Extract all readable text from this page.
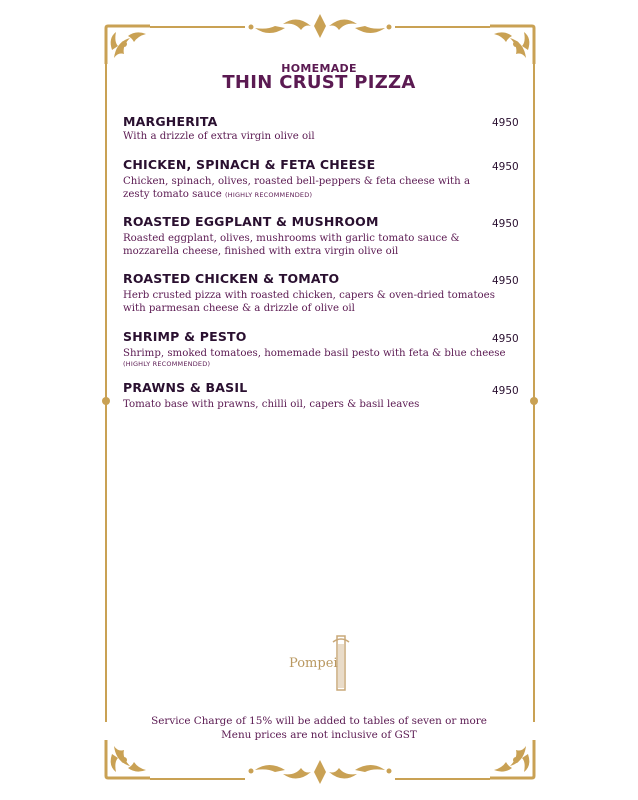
HOMEMADE
THIN CRUST PIZZA
MARGHERITA
With a drizzle of extra virgin olive oil
4950
CHICKEN, SPINACH & FETA CHEESE
Chicken, spinach, olives, roasted bell-peppers & feta cheese with a
zesty tomato sauce (HIGHLY RECOMMENDED)
4950
ROASTED EGGPLANT & MUSHROOM
Roasted eggplant, olives, mushrooms with garlic tomato sauce &
mozzarella cheese, finished with extra virgin olive oil
4950
ROASTED CHICKEN & TOMATO
Herb crusted pizza with roasted chicken, capers & oven-dried tomatoes
with parmesan cheese & a drizzle of olive oil
4950
SHRIMP & PESTO
Shrimp, smoked tomatoes, homemade basil pesto with feta & blue cheese
(HIGHLY RECOMMENDED)
4950
PRAWNS & BASIL
Tomato base with prawns, chilli oil, capers & basil leaves
4950
Pompei
Service Charge of 15% will be added to tables of seven or more
Menu prices are not inclusive of GST
